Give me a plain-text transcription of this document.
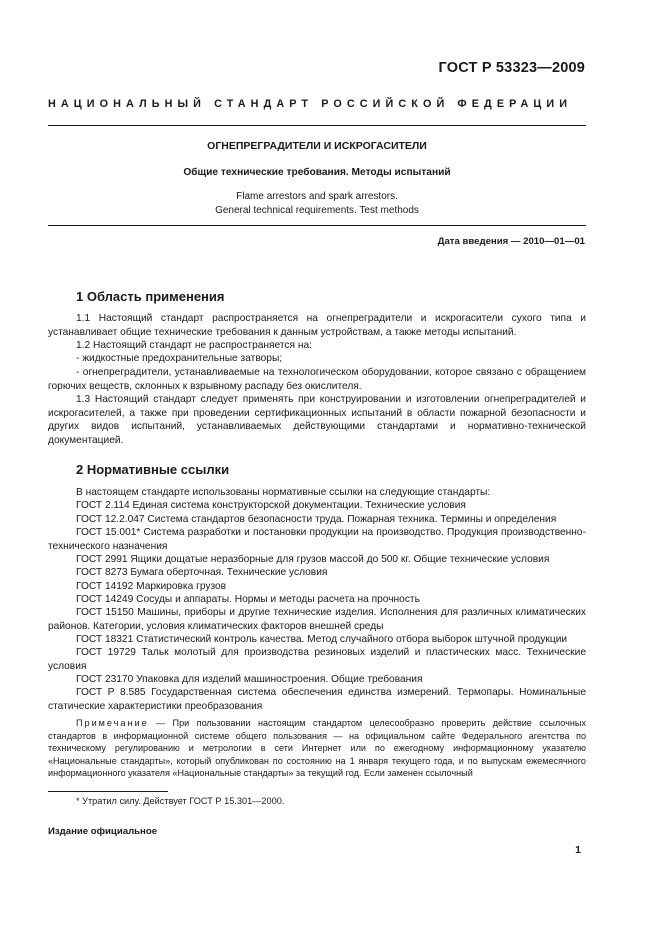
ГОСТ Р 53323—2009
НАЦИОНАЛЬНЫЙ СТАНДАРТ РОССИЙСКОЙ ФЕДЕРАЦИИ
ОГНЕПРЕГРАДИТЕЛИ И ИСКРОГАСИТЕЛИ
Общие технические требования. Методы испытаний
Flame arrestors and spark arrestors.
General technical requirements. Test methods
Дата введения — 2010—01—01
1 Область применения

1.1 Настоящий стандарт распространяется на огнепреградители и искрогасители сухого типа и устанавливает общие технические требования к данным устройствам, а также методы испытаний.

1.2 Настоящий стандарт не распространяется на:
- жидкостные предохранительные затворы;

- огнепреградители, устанавливаемые на технологическом оборудовании, которое связано с обращением горючих веществ, склонных к взрывному распаду без окислителя.

1.3 Настоящий стандарт следует применять при конструировании и изготовлении огнепреградителей и искрогасителей, а также при проведении сертификационных испытаний в области пожарной безопасности и других видов испытаний, устанавливаемых действующими стандартами и нормативно-технической документацией.

2 Нормативные ссылки
В настоящем стандарте использованы нормативные ссылки на следующие стандарты:
ГОСТ 2.114 Единая система конструкторской документации. Технические условия
ГОСТ 12.2.047 Система стандартов безопасности труда. Пожарная техника. Термины и определения

ГОСТ 15.001* Система разработки и постановки продукции на производство. Продукция производственно-технического назначения

ГОСТ 2991 Ящики дощатые неразборные для грузов массой до 500 кг. Общие технические условия
ГОСТ 8273 Бумага оберточная. Технические условия
ГОСТ 14192 Маркировка грузов
ГОСТ 14249 Сосуды и аппараты. Нормы и методы расчета на прочность

ГОСТ 15150 Машины, приборы и другие технические изделия. Исполнения для различных климатических районов. Категории, условия климатических факторов внешней среды

ГОСТ 18321 Статистический контроль качества. Метод случайного отбора выборок штучной продукции

ГОСТ 19729 Тальк молотый для производства резиновых изделий и пластических масс. Технические условия

ГОСТ 23170 Упаковка для изделий машиностроения. Общие требования

ГОСТ Р 8.585 Государственная система обеспечения единства измерений. Термопары. Номинальные статические характеристики преобразования

Примечание — При пользовании настоящим стандартом целесообразно проверить действие ссылочных стандартов в информационной системе общего пользования — на официальном сайте Федерального агентства по техническому регулированию и метрологии в сети Интернет или по ежегодному информационному указателю «Национальные стандарты», который опубликован по состоянию на 1 января текущего года, и по выпускам ежемесячного информационного указателя «Национальные стандарты» за текущий год. Если заменен ссылочный

* Утратил силу. Действует ГОСТ Р 15.301—2000.
Издание официальное
1
